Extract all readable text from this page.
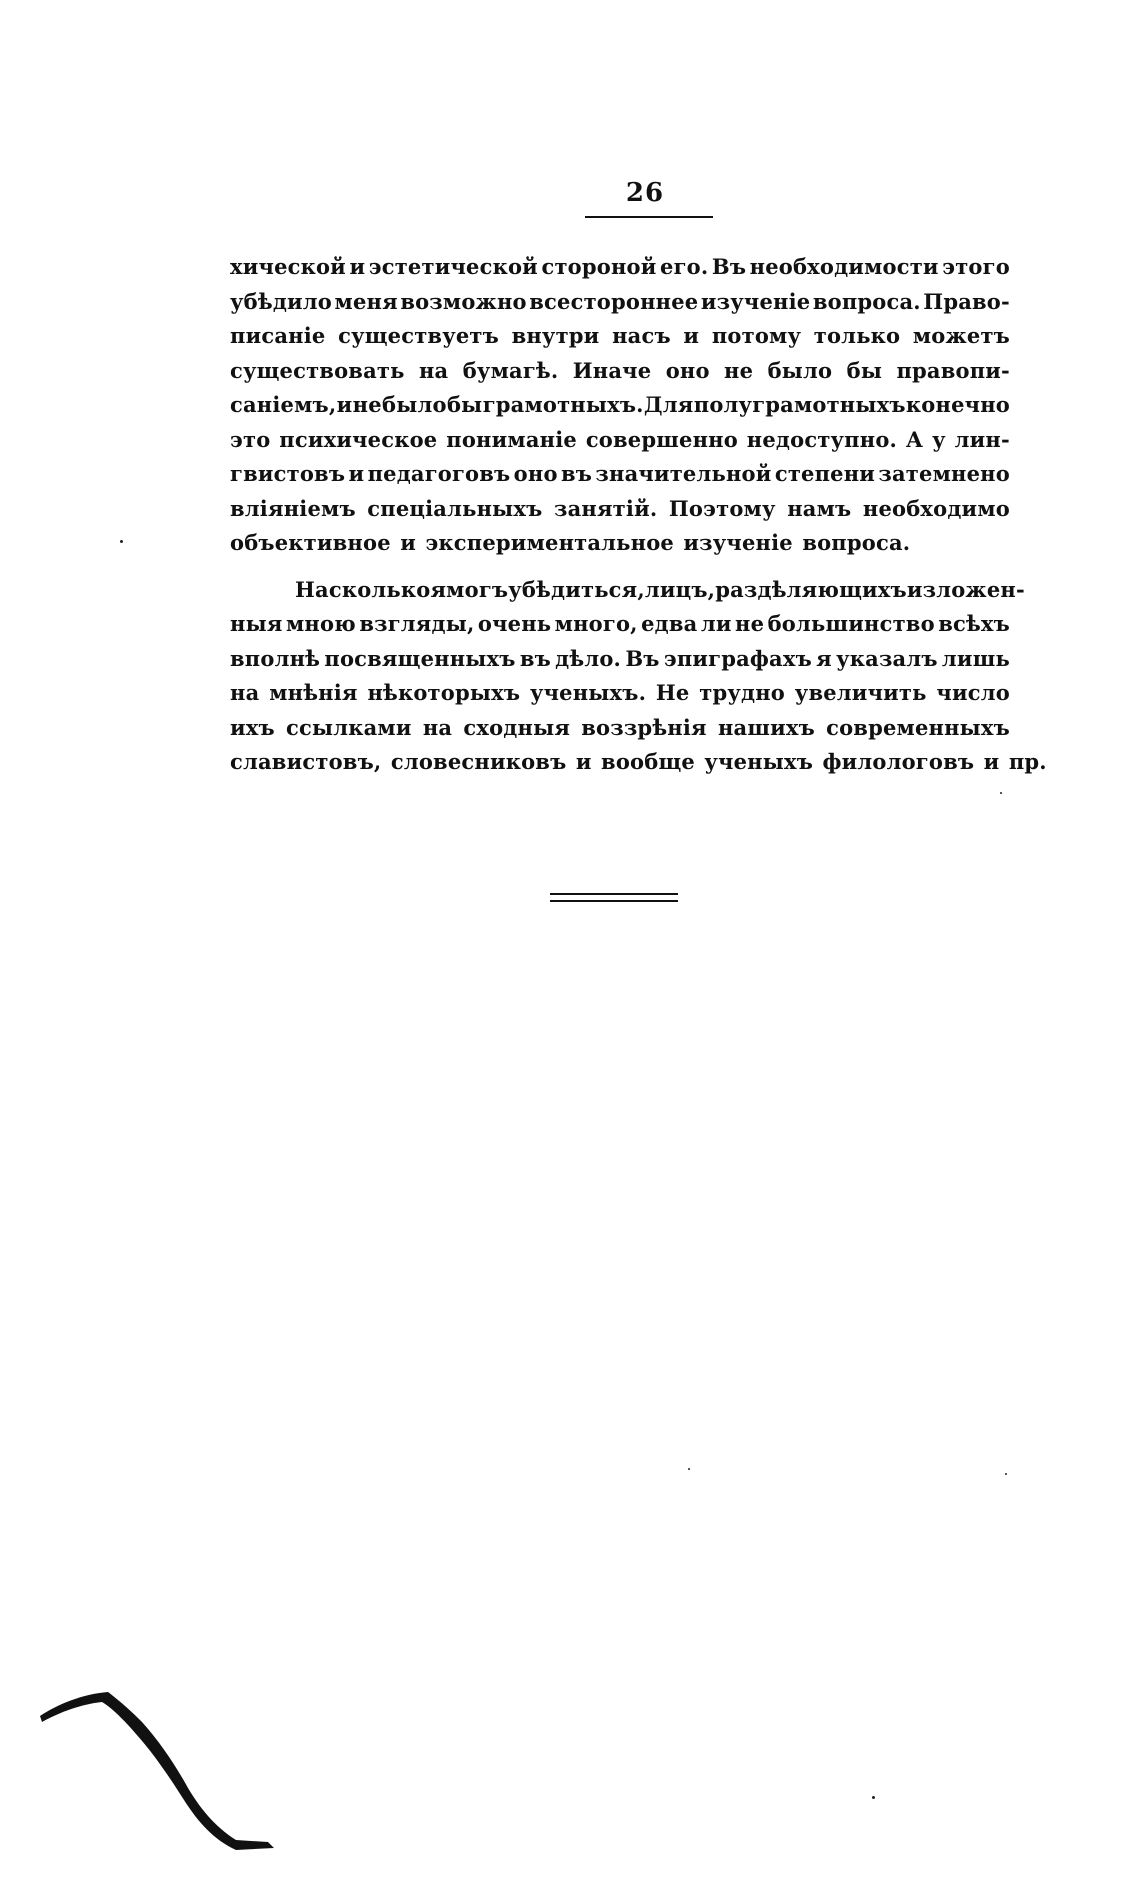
26
хической и эстетической стороной его. Въ необходимости этого
убѣдило меня возможно всестороннее изученіе вопроса. Право-
писаніе существуетъ внутри насъ и потому только можетъ
существовать на бумагѣ. Иначе оно не было бы правопи-
саніемъ, и не было бы грамотныхъ. Для полуграмотныхъ конечно
это психическое пониманіе совершенно недоступно. А у лин-
гвистовъ и педагоговъ оно въ значительной степени затемнено
вліяніемъ спеціальныхъ занятій. Поэтому намъ необходимо
объективное и экспериментальное изученіе вопроса.
Насколько я могъ убѣдиться, лицъ, раздѣляющихъ изложен-
ныя мною взгляды, очень много, едва ли не большинство всѣхъ
вполнѣ посвященныхъ въ дѣло. Въ эпиграфахъ я указалъ лишь
на мнѣнія нѣкоторыхъ ученыхъ. Не трудно увеличить число
ихъ ссылками на сходныя воззрѣнія нашихъ современныхъ
славистовъ, словесниковъ и вообще ученыхъ филологовъ и пр.
